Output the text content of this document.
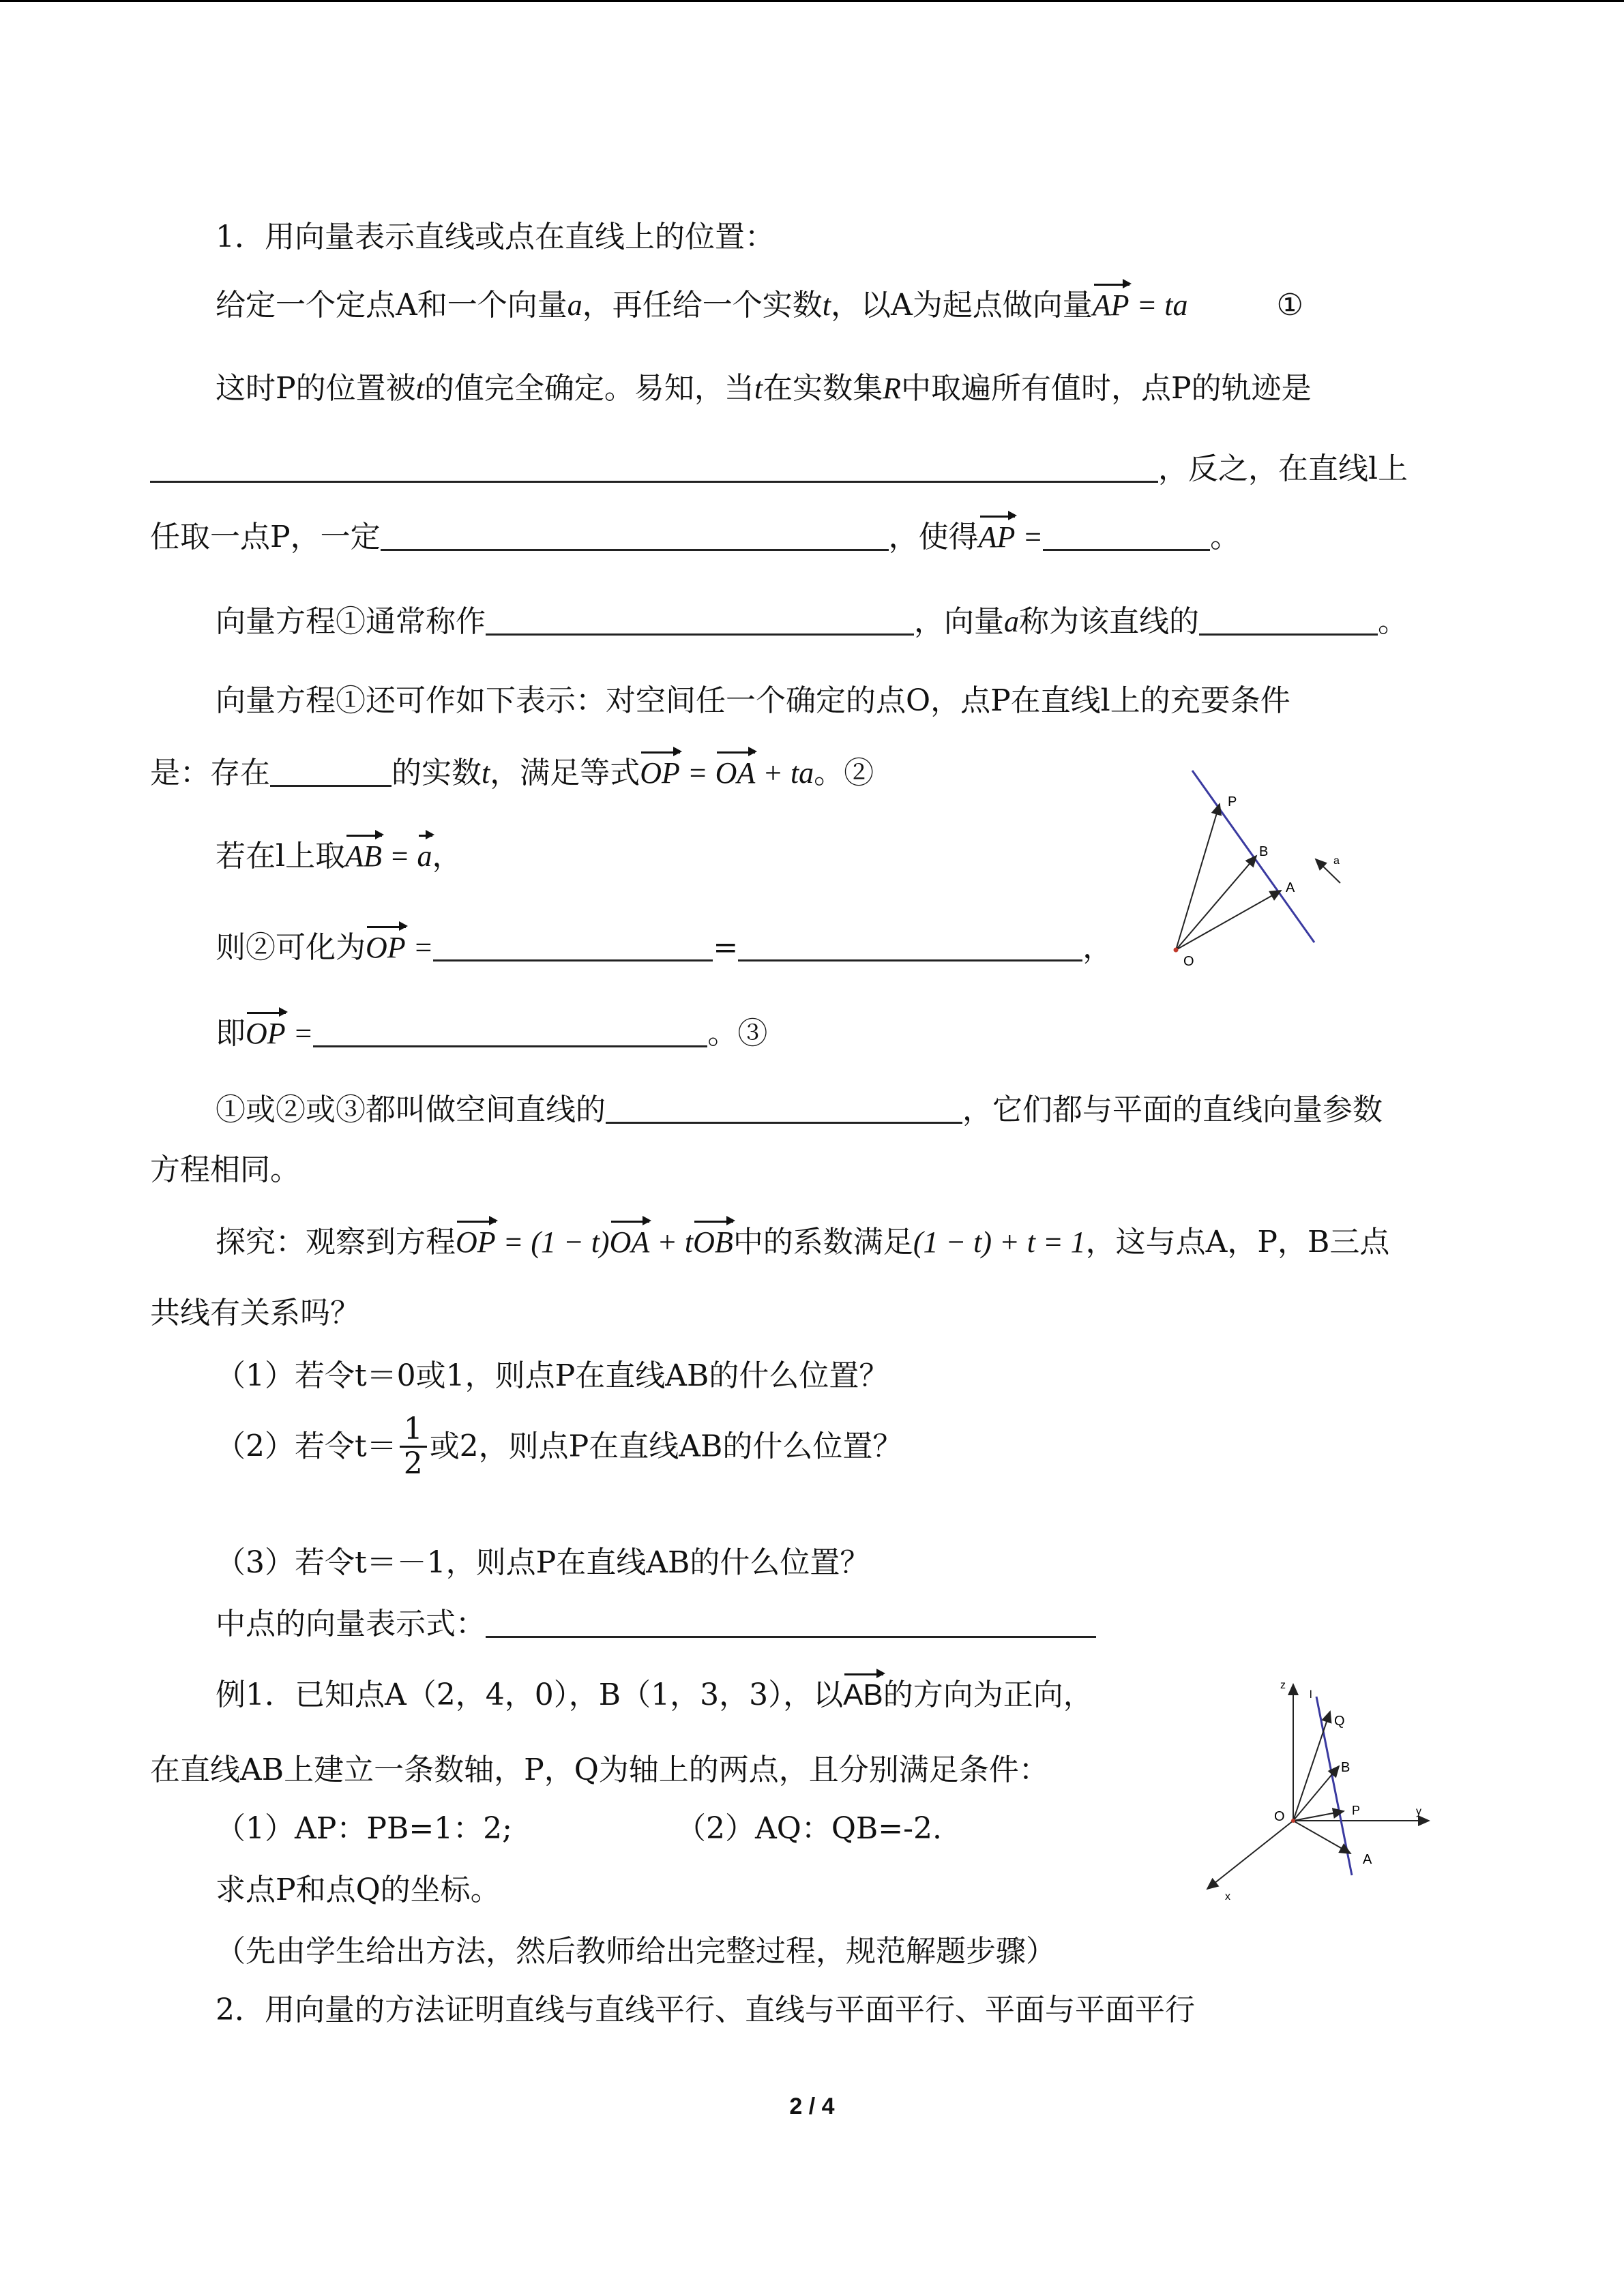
1．用向量表示直线或点在直线上的位置：
给定一个定点A和一个向量a，再任给一个实数t，以A为起点做向量AP = ta	①
这时P的位置被t的值完全确定。易知，当t在实数集R中取遍所有值时，点P的轨迹是
，反之，在直线l上
任取一点P，一定	，使得AP =	。
向量方程①通常称作	，向量a称为该直线的	。
向量方程①还可作如下表示：对空间任一个确定的点O，点P在直线l上的充要条件
是：存在	的实数t，满足等式OP = OA + ta。②
若在l上取AB = a，
则②可化为OP =	=	，
即OP =	。③
①或②或③都叫做空间直线的	，它们都与平面的直线向量参数
方程相同。
探究：观察到方程OP = (1 − t)OA + tOB中的系数满足(1 − t) + t = 1，这与点A，P，B三点
共线有关系吗？
（1）若令t＝0或1，则点P在直线AB的什么位置？
（2）若令$t= \frac{1}{2}$ 或2，则点P在直线AB的什么位置？
（3）若令t＝－1，则点P在直线AB的什么位置？
中点的向量表示式：
例1．已知点A（2，4，0），B（1，3，3），以AB的方向为正向，
在直线AB上建立一条数轴，P，Q为轴上的两点，且分别满足条件：
（1）AP：PB=1：2;	（2）AQ：QB=-2.
求点P和点Q的坐标。
（先由学生给出方法，然后教师给出完整过程，规范解题步骤）
2．用向量的方法证明直线与直线平行、直线与平面平行、平面与平面平行
P
B
A
O
a
z
l
Q
B
O	P	y
A
x
2 / 4
